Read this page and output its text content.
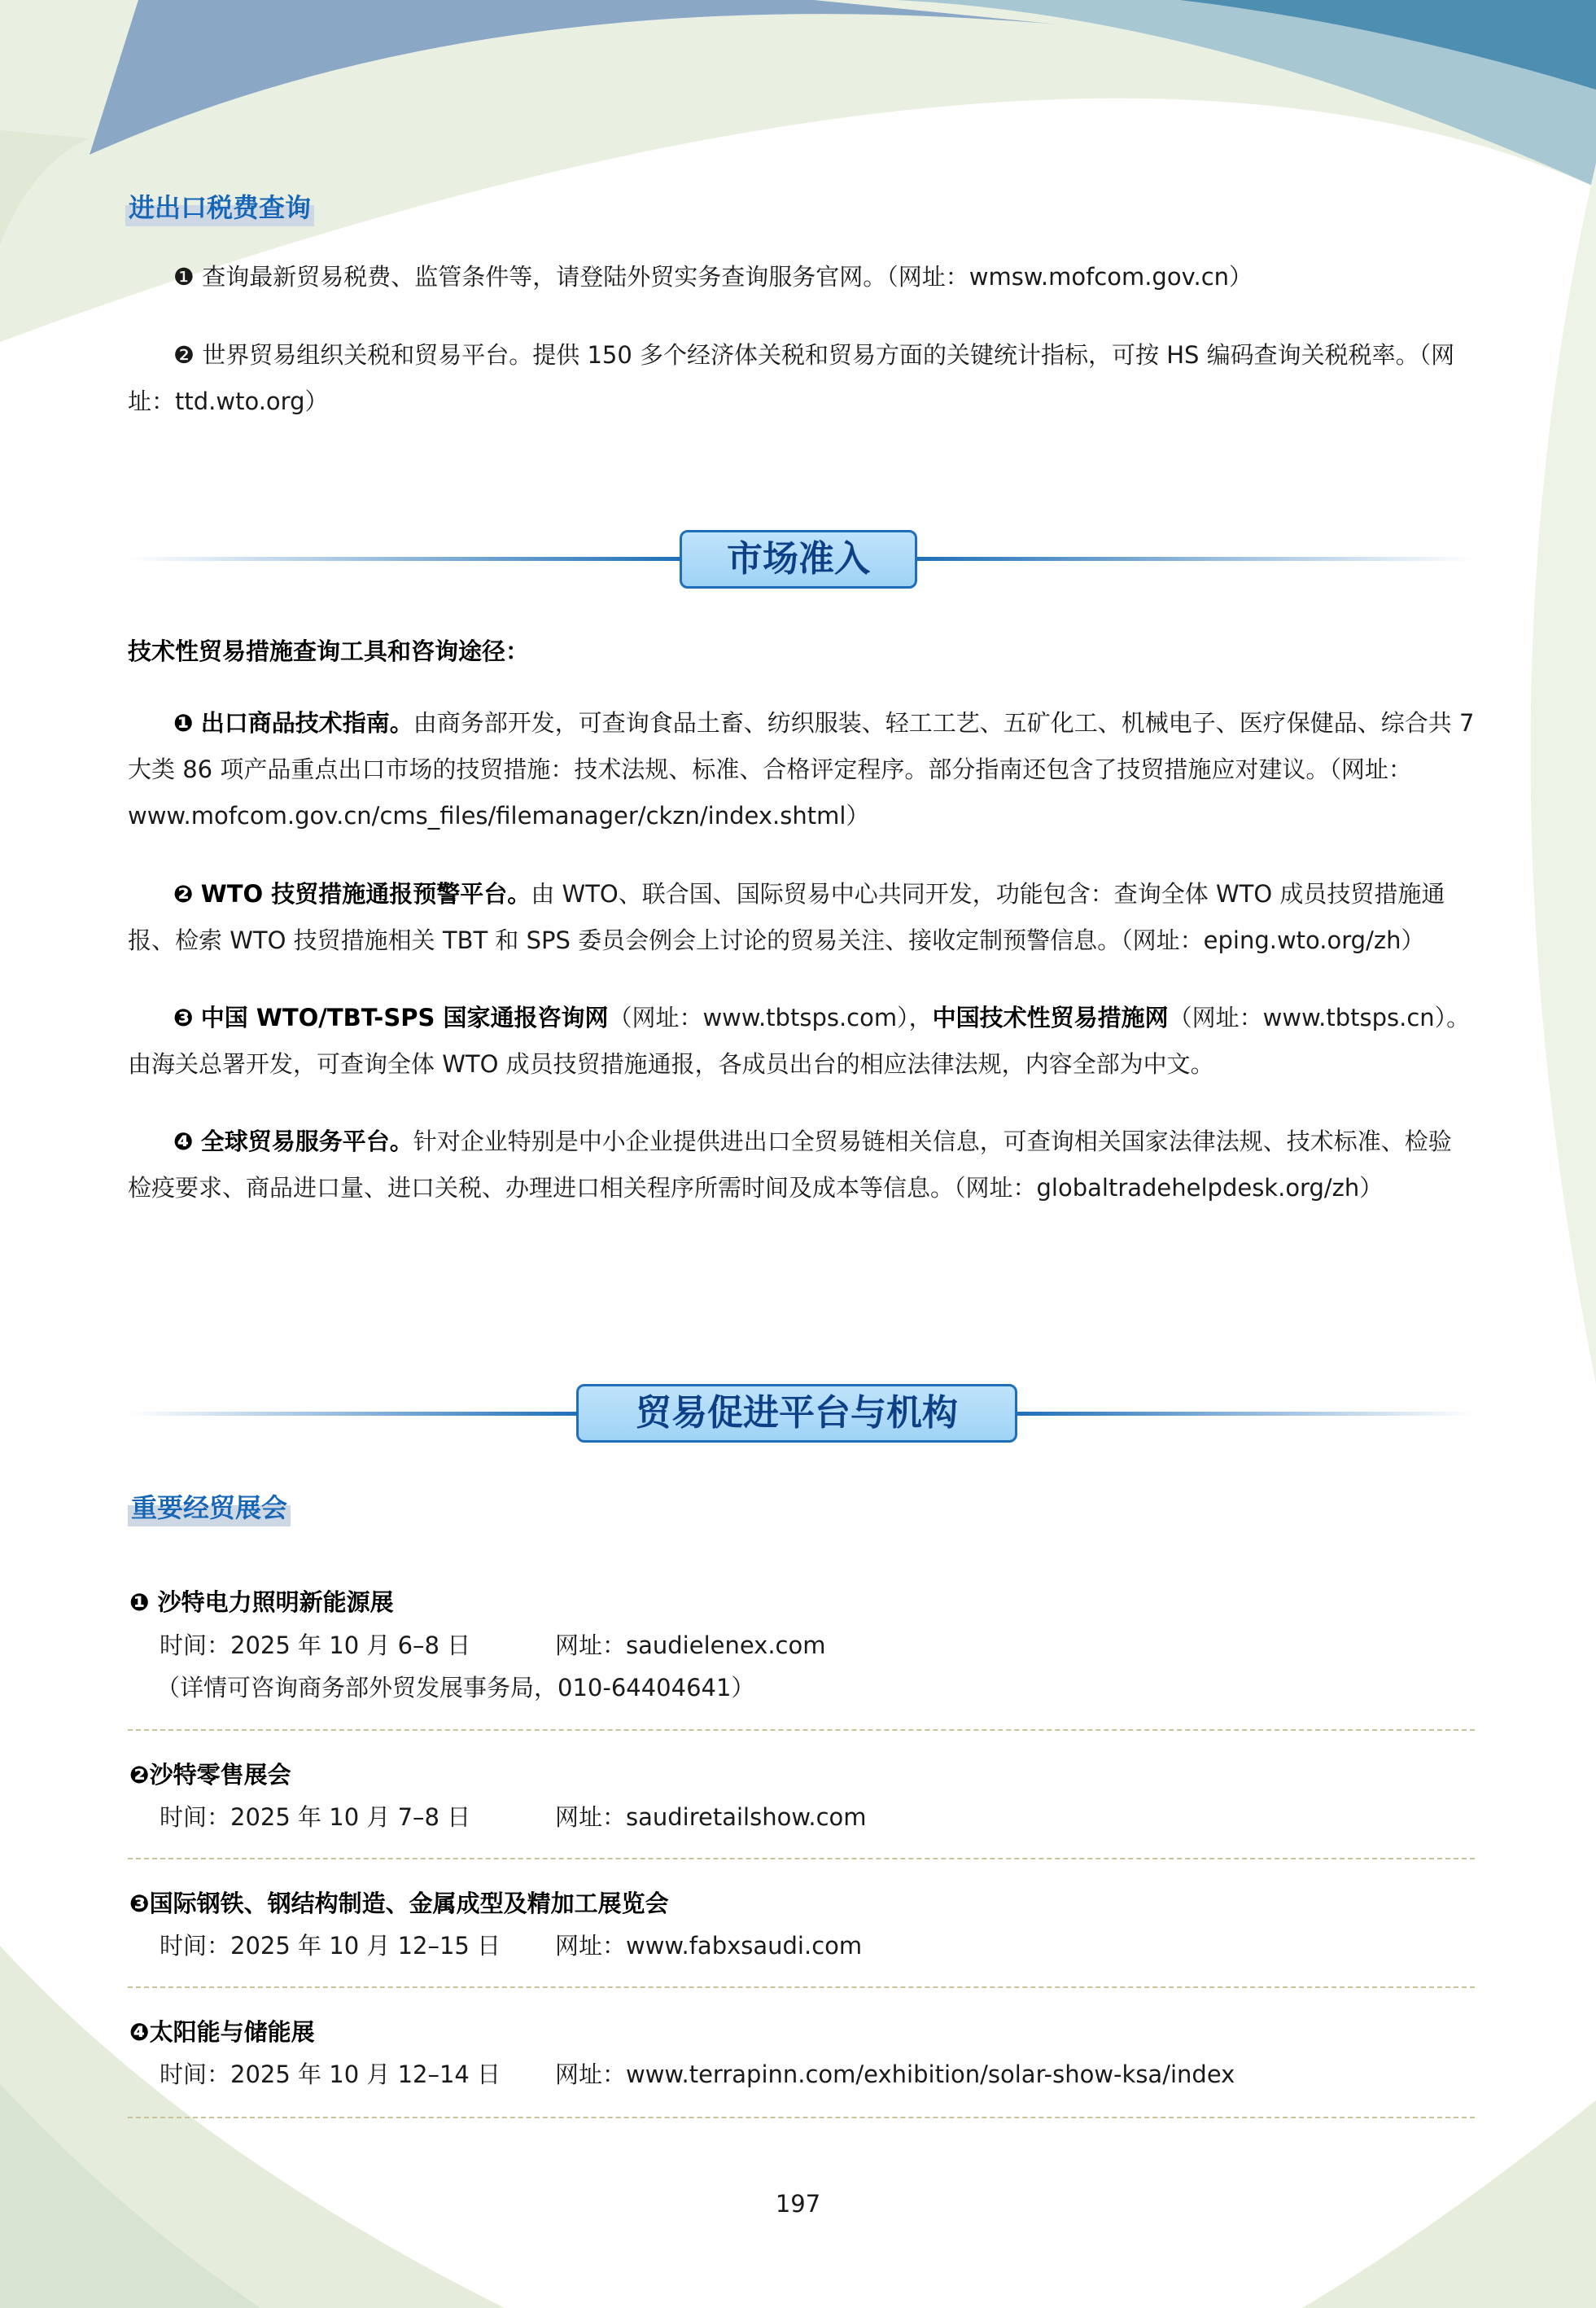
进出口税费查询

❶ 查询最新贸易税费、监管条件等，请登陆外贸实务查询服务官网。（网址：wmsw.mofcom.gov.cn）

❷ 世界贸易组织关税和贸易平台。提供 150 多个经济体关税和贸易方面的关键统计指标，可按 HS 编码查询关税税率。（网址：ttd.wto.org）

市场准入
技术性贸易措施查询工具和咨询途径：

❶ 出口商品技术指南。由商务部开发，可查询食品土畜、纺织服装、轻工工艺、五矿化工、机械电子、医疗保健品、综合共 7 大类 86 项产品重点出口市场的技贸措施：技术法规、标准、合格评定程序。部分指南还包含了技贸措施应对建议。（网址：www.mofcom.gov.cn/cms_files/filemanager/ckzn/index.shtml）

❷ WTO 技贸措施通报预警平台。由 WTO、联合国、国际贸易中心共同开发，功能包含：查询全体 WTO 成员技贸措施通报、检索 WTO 技贸措施相关 TBT 和 SPS 委员会例会上讨论的贸易关注、接收定制预警信息。（网址：eping.wto.org/zh）

❸ 中国 WTO/TBT-SPS 国家通报咨询网（网址：www.tbtsps.com），中国技术性贸易措施网（网址：www.tbtsps.cn）。由海关总署开发，可查询全体 WTO 成员技贸措施通报，各成员出台的相应法律法规，内容全部为中文。

❹ 全球贸易服务平台。针对企业特别是中小企业提供进出口全贸易链相关信息，可查询相关国家法律法规、技术标准、检验检疫要求、商品进口量、进口关税、办理进口相关程序所需时间及成本等信息。（网址：globaltradehelpdesk.org/zh）

贸易促进平台与机构
重要经贸展会
❶ 沙特电力照明新能源展
时间：2025 年 10 月 6–8 日	网址：saudielenex.com
（详情可咨询商务部外贸发展事务局，010-64404641）
❷沙特零售展会
时间：2025 年 10 月 7–8 日	网址：saudiretailshow.com
❸国际钢铁、钢结构制造、金属成型及精加工展览会
时间：2025 年 10 月 12–15 日 网址：www.fabxsaudi.com
❹太阳能与储能展
时间：2025 年 10 月 12–14 日 网址：www.terrapinn.com/exhibition/solar-show-ksa/index
197
